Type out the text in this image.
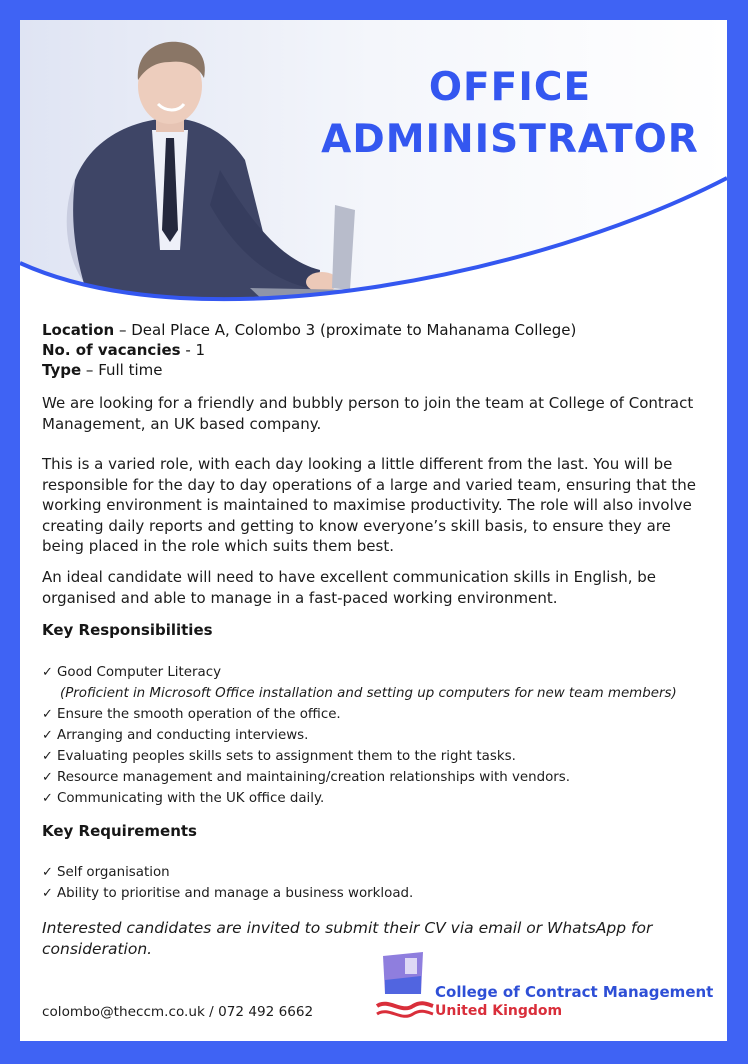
OFFICE
ADMINISTRATOR
Location – Deal Place A, Colombo 3 (proximate to Mahanama College)
No. of vacancies - 1
Type – Full time
We are looking for a friendly and bubbly person to join the team at College of Contract Management, an UK based company.
This is a varied role, with each day looking a little different from the last. You will be responsible for the day to day operations of a large and varied team, ensuring that the working environment is maintained to maximise productivity. The role will also involve creating daily reports and getting to know everyone’s skill basis, to ensure they are being placed in the role which suits them best.
An ideal candidate will need to have excellent communication skills in English, be organised and able to manage in a fast-paced working environment.
Key Responsibilities
✓ Good Computer Literacy
(Proficient in Microsoft Office installation and setting up computers for new team members)
✓ Ensure the smooth operation of the office.
✓ Arranging and conducting interviews.
✓ Evaluating peoples skills sets to assignment them to the right tasks.
✓ Resource management and maintaining/creation relationships with vendors.
✓ Communicating with the UK office daily.
Key Requirements
✓ Self organisation
✓ Ability to prioritise and manage a business workload.
Interested candidates are invited to submit their CV via email or WhatsApp for consideration.
colombo@theccm.co.uk / 072 492 6662
College of Contract Management
United Kingdom
